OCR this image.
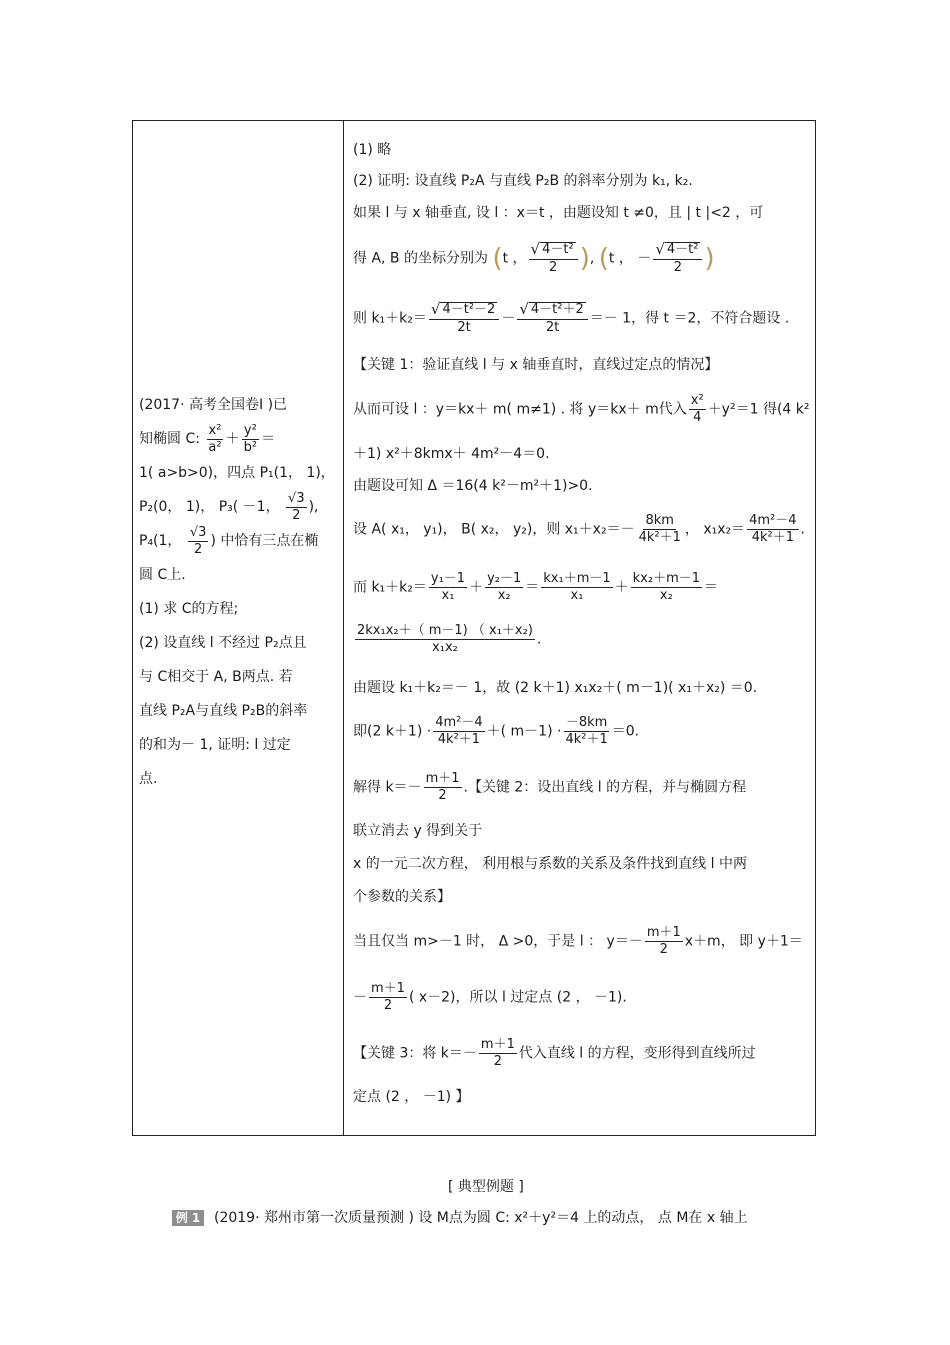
(2017· 高考全国卷Ⅰ )已
知椭圆 C: $\frac{\text{x²}}{\text{a²}} + \frac{\text{y²}}{\text{b²}}$ ＝
1( a>b>0)，四点 P₁(1， 1)，
P₂(0， 1)， P₃( －1， $\frac{√3}{2}$ ),
P₄(1， $\frac{√3}{2}$ ) 中恰有三点在椭
圆 C上.
(1) 求 C的方程;
(2) 设直线 l 不经过 P₂点且
与 C相交于 A, B两点. 若
直线 P₂A与直线 P₂B的斜率
的和为－ 1, 证明: l 过定
点.
(1) 略
(2) 证明: 设直线 P₂A 与直线 P₂B 的斜率分别为 k₁, k₂.
如果 l 与 x 轴垂直, 设 l ：x＝t ，由题设知 t ≠0，且 | t |<2 ，可
得 A, B 的坐标分别为 (t ， $\frac{\text{√ 4－t²}}{2}$ ), (t ， － $\frac{\text{√ 4－t²}}{2}$ )
则 $k_1+k_2= \frac{\text{√ 4－t²－2}}{2t} - \frac{\text{√ 4－t²＋2}}{2t} =- 1$，得 t ＝2，不符合题设 .
【关键 1：验证直线 l 与 x 轴垂直时，直线过定点的情况】
从而可设 l ：y＝kx＋ m( m≠1) . 将 y＝kx＋ m代入 $\frac{\text{x²}}{4} +y^2=1$ 得(4 k²
＋1) x²＋8kmx＋ 4m²－4＝0.
由题设可知 Δ ＝16(4 k²－m²＋1)>0.
设 A( x₁， y₁)， B( x₂， y₂)，则 $x_1+x_2=- \frac{8km}{\text{4k²＋1}}$ ， $x_1x_2= \frac{\text{4m²－4}}{\text{4k²＋1}}$ .
而 $k_1+k_2= \frac{\text{y₁－1}}{\text{x₁}} + \frac{\text{y₂－1}}{\text{x₂}} = \frac{\text{kx₁＋m－1}}{\text{x₁}} + \frac{\text{kx₂＋m－1}}{\text{x₂}}$ ＝
$\frac{\text{2kx₁x₂＋（ m－1) （ x₁＋x₂)}}{\text{x₁x₂}}$ .
由题设 k₁＋k₂＝－ 1，故 (2 k＋1) x₁x₂＋( m－1)( x₁＋x₂) ＝0.
即(2 $k+1) \cdot \frac{\text{4m²－4}}{\text{4k²＋1}}$ ＋( $m-1) \cdot \frac{-8km}{\text{4k²＋1}} =0$.
解得 $k=- \frac{m+1}{2}$ .【关键 2：设出直线 l 的方程，并与椭圆方程
联立消去 y 得到关于
x 的一元二次方程， 利用根与系数的关系及条件找到直线 l 中两
个参数的关系】
当且仅当 m>－1 时， Δ >0，于是 l ： $y=- \frac{m+1}{2} x+m$， 即 y＋1＝
－ $\frac{m+1}{2}$ ( x－2)，所以 l 过定点 (2 ， －1).
【关键 3：将 $k=- \frac{m+1}{2}$ 代入直线 l 的方程，变形得到直线所过
定点 (2 ， －1) 】
[ 典型例题 ]
例 1 (2019· 郑州市第一次质量预测 ) 设 M点为圆 C: x²＋y²＝4 上的动点， 点 M在 x 轴上
